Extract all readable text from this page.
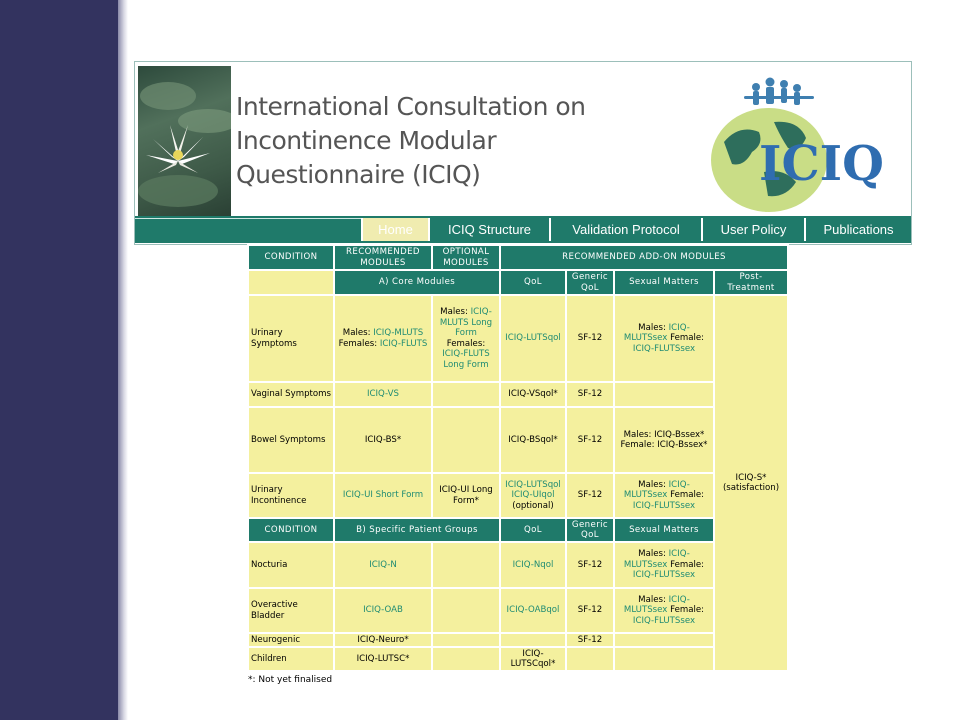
International Consultation on Incontinence Modular Questionnaire (ICIQ)	ICIQ
Home	ICIQ Structure	Validation Protocol	User Policy	Publications
CONDITION	RECOMMENDED MODULES	OPTIONAL MODULES	RECOMMENDED ADD-ON MODULES			
	A) Core Modules		QoL	Generic QoL	Sexual Matters	Post-Treatment
Urinary Symptoms	Males: ICIQ-MLUTS Females: ICIQ-FLUTS	Males: ICIQ-MLUTS Long Form Females: ICIQ-FLUTS Long Form	ICIQ-LUTSqol	SF-12	Males: ICIQ-MLUTSsex Female: ICIQ-FLUTSsex	ICIQ-S* (satisfaction)
Vaginal Symptoms	ICIQ-VS		ICIQ-VSqol*	SF-12		
Bowel Symptoms	ICIQ-BS*		ICIQ-BSqol*	SF-12	Males: ICIQ-Bssex* Female: ICIQ-Bssex*	
Urinary Incontinence	ICIQ-UI Short Form	ICIQ-UI Long Form*	ICIQ-LUTSqol ICIQ-UIqol (optional)	SF-12	Males: ICIQ-MLUTSsex Female: ICIQ-FLUTSsex	
CONDITION	B) Specific Patient Groups		QoL	Generic QoL	Sexual Matters	
Nocturia	ICIQ-N		ICIQ-Nqol	SF-12	Males: ICIQ-MLUTSsex Female: ICIQ-FLUTSsex	
Overactive Bladder	ICIQ-OAB		ICIQ-OABqol	SF-12	Males: ICIQ-MLUTSsex Female: ICIQ-FLUTSsex	
Neurogenic	ICIQ-Neuro*			SF-12		
Children	ICIQ-LUTSC*		ICIQ-LUTSCqol*			
*: Not yet finalised
